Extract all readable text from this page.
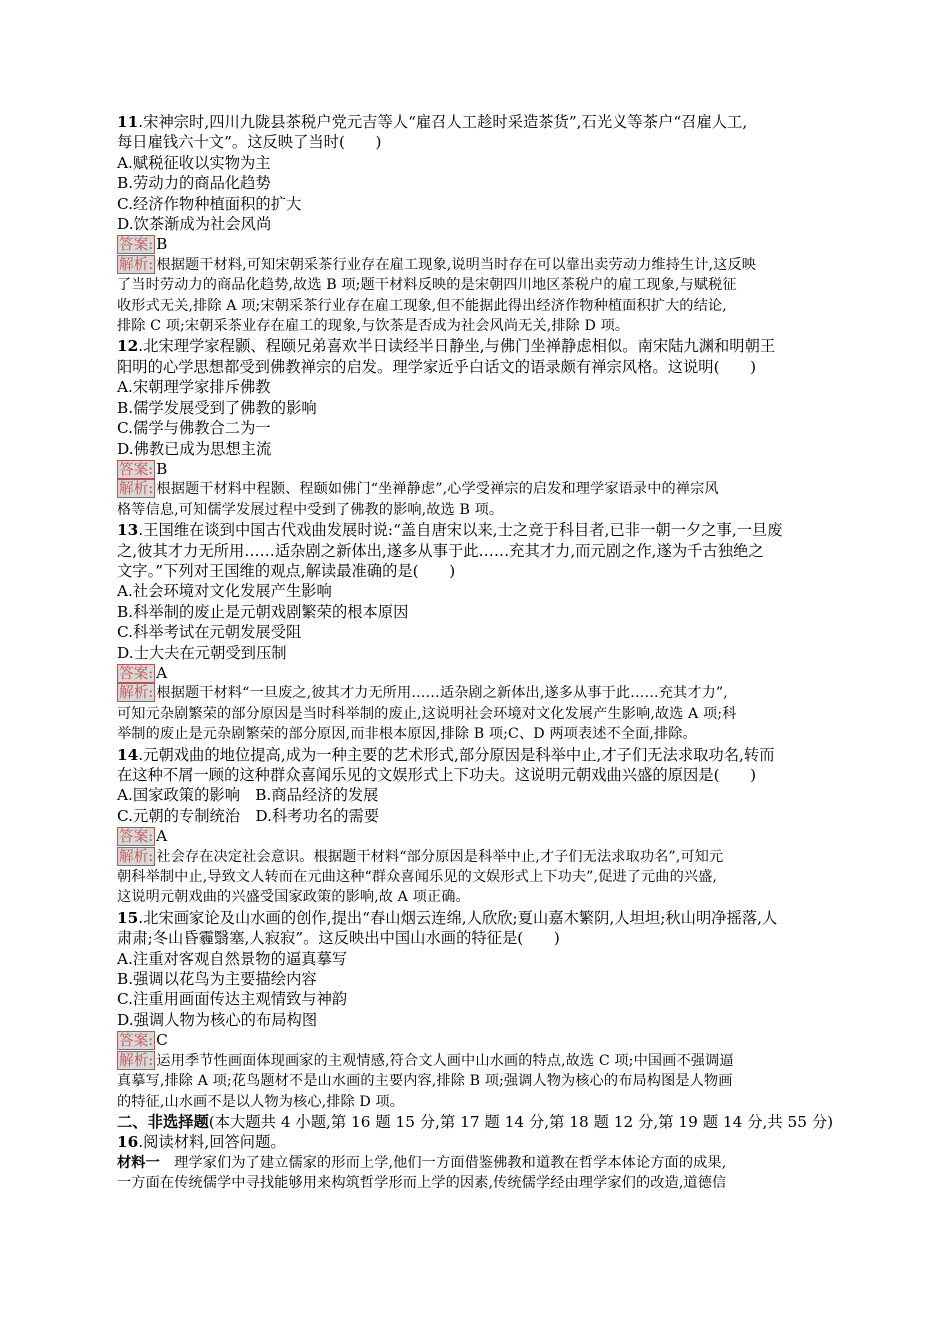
11.宋神宗时,四川九陇县茶税户党元吉等人“雇召人工趁时采造茶货”,石光义等茶户“召雇人工,
每日雇钱六十文”。这反映了当时(　　)
A.赋税征收以实物为主
B.劳动力的商品化趋势
C.经济作物种植面积的扩大
D.饮茶渐成为社会风尚
答案: B
解析: 根据题干材料,可知宋朝采茶行业存在雇工现象,说明当时存在可以靠出卖劳动力维持生计,这反映
了当时劳动力的商品化趋势,故选 B 项;题干材料反映的是宋朝四川地区茶税户的雇工现象,与赋税征
收形式无关,排除 A 项;宋朝采茶行业存在雇工现象,但不能据此得出经济作物种植面积扩大的结论,
排除 C 项;宋朝采茶业存在雇工的现象,与饮茶是否成为社会风尚无关,排除 D 项。
12.北宋理学家程颢、程颐兄弟喜欢半日读经半日静坐,与佛门坐禅静虑相似。南宋陆九渊和明朝王
阳明的心学思想都受到佛教禅宗的启发。理学家近乎白话文的语录颇有禅宗风格。这说明(　　)
A.宋朝理学家排斥佛教
B.儒学发展受到了佛教的影响
C.儒学与佛教合二为一
D.佛教已成为思想主流
答案: B
解析: 根据题干材料中程颢、程颐如佛门“坐禅静虑”,心学受禅宗的启发和理学家语录中的禅宗风
格等信息,可知儒学发展过程中受到了佛教的影响,故选 B 项。
13.王国维在谈到中国古代戏曲发展时说:“盖自唐宋以来,士之竞于科目者,已非一朝一夕之事,一旦废
之,彼其才力无所用……适杂剧之新体出,遂多从事于此……充其才力,而元剧之作,遂为千古独绝之
文字。”下列对王国维的观点,解读最准确的是(　　)
A.社会环境对文化发展产生影响
B.科举制的废止是元朝戏剧繁荣的根本原因
C.科举考试在元朝发展受阻
D.士大夫在元朝受到压制
答案: A
解析: 根据题干材料“一旦废之,彼其才力无所用……适杂剧之新体出,遂多从事于此……充其才力”,
可知元杂剧繁荣的部分原因是当时科举制的废止,这说明社会环境对文化发展产生影响,故选 A 项;科
举制的废止是元杂剧繁荣的部分原因,而非根本原因,排除 B 项;C、D 两项表述不全面,排除。
14.元朝戏曲的地位提高,成为一种主要的艺术形式,部分原因是科举中止,才子们无法求取功名,转而
在这种不屑一顾的这种群众喜闻乐见的文娱形式上下功夫。这说明元朝戏曲兴盛的原因是(　　)
A.国家政策的影响　B.商品经济的发展
C.元朝的专制统治　D.科考功名的需要
答案: A
解析: 社会存在决定社会意识。根据题干材料“部分原因是科举中止,才子们无法求取功名”,可知元
朝科举制中止,导致文人转而在元曲这种“群众喜闻乐见的文娱形式上下功夫”,促进了元曲的兴盛,
这说明元朝戏曲的兴盛受国家政策的影响,故 A 项正确。
15.北宋画家论及山水画的创作,提出“春山烟云连绵,人欣欣;夏山嘉木繁阴,人坦坦;秋山明净摇落,人
肃肃;冬山昏霾翳塞,人寂寂”。这反映出中国山水画的特征是(　　)
A.注重对客观自然景物的逼真摹写
B.强调以花鸟为主要描绘内容
C.注重用画面传达主观情致与神韵
D.强调人物为核心的布局构图
答案: C
解析: 运用季节性画面体现画家的主观情感,符合文人画中山水画的特点,故选 C 项;中国画不强调逼
真摹写,排除 A 项;花鸟题材不是山水画的主要内容,排除 B 项;强调人物为核心的布局构图是人物画
的特征,山水画不是以人物为核心,排除 D 项。
二、非选择题(本大题共 4 小题,第 16 题 15 分,第 17 题 14 分,第 18 题 12 分,第 19 题 14 分,共 55 分)
16.阅读材料,回答问题。
材料一　理学家们为了建立儒家的形而上学,他们一方面借鉴佛教和道教在哲学本体论方面的成果,
一方面在传统儒学中寻找能够用来构筑哲学形而上学的因素,传统儒学经由理学家们的改造,道德信
